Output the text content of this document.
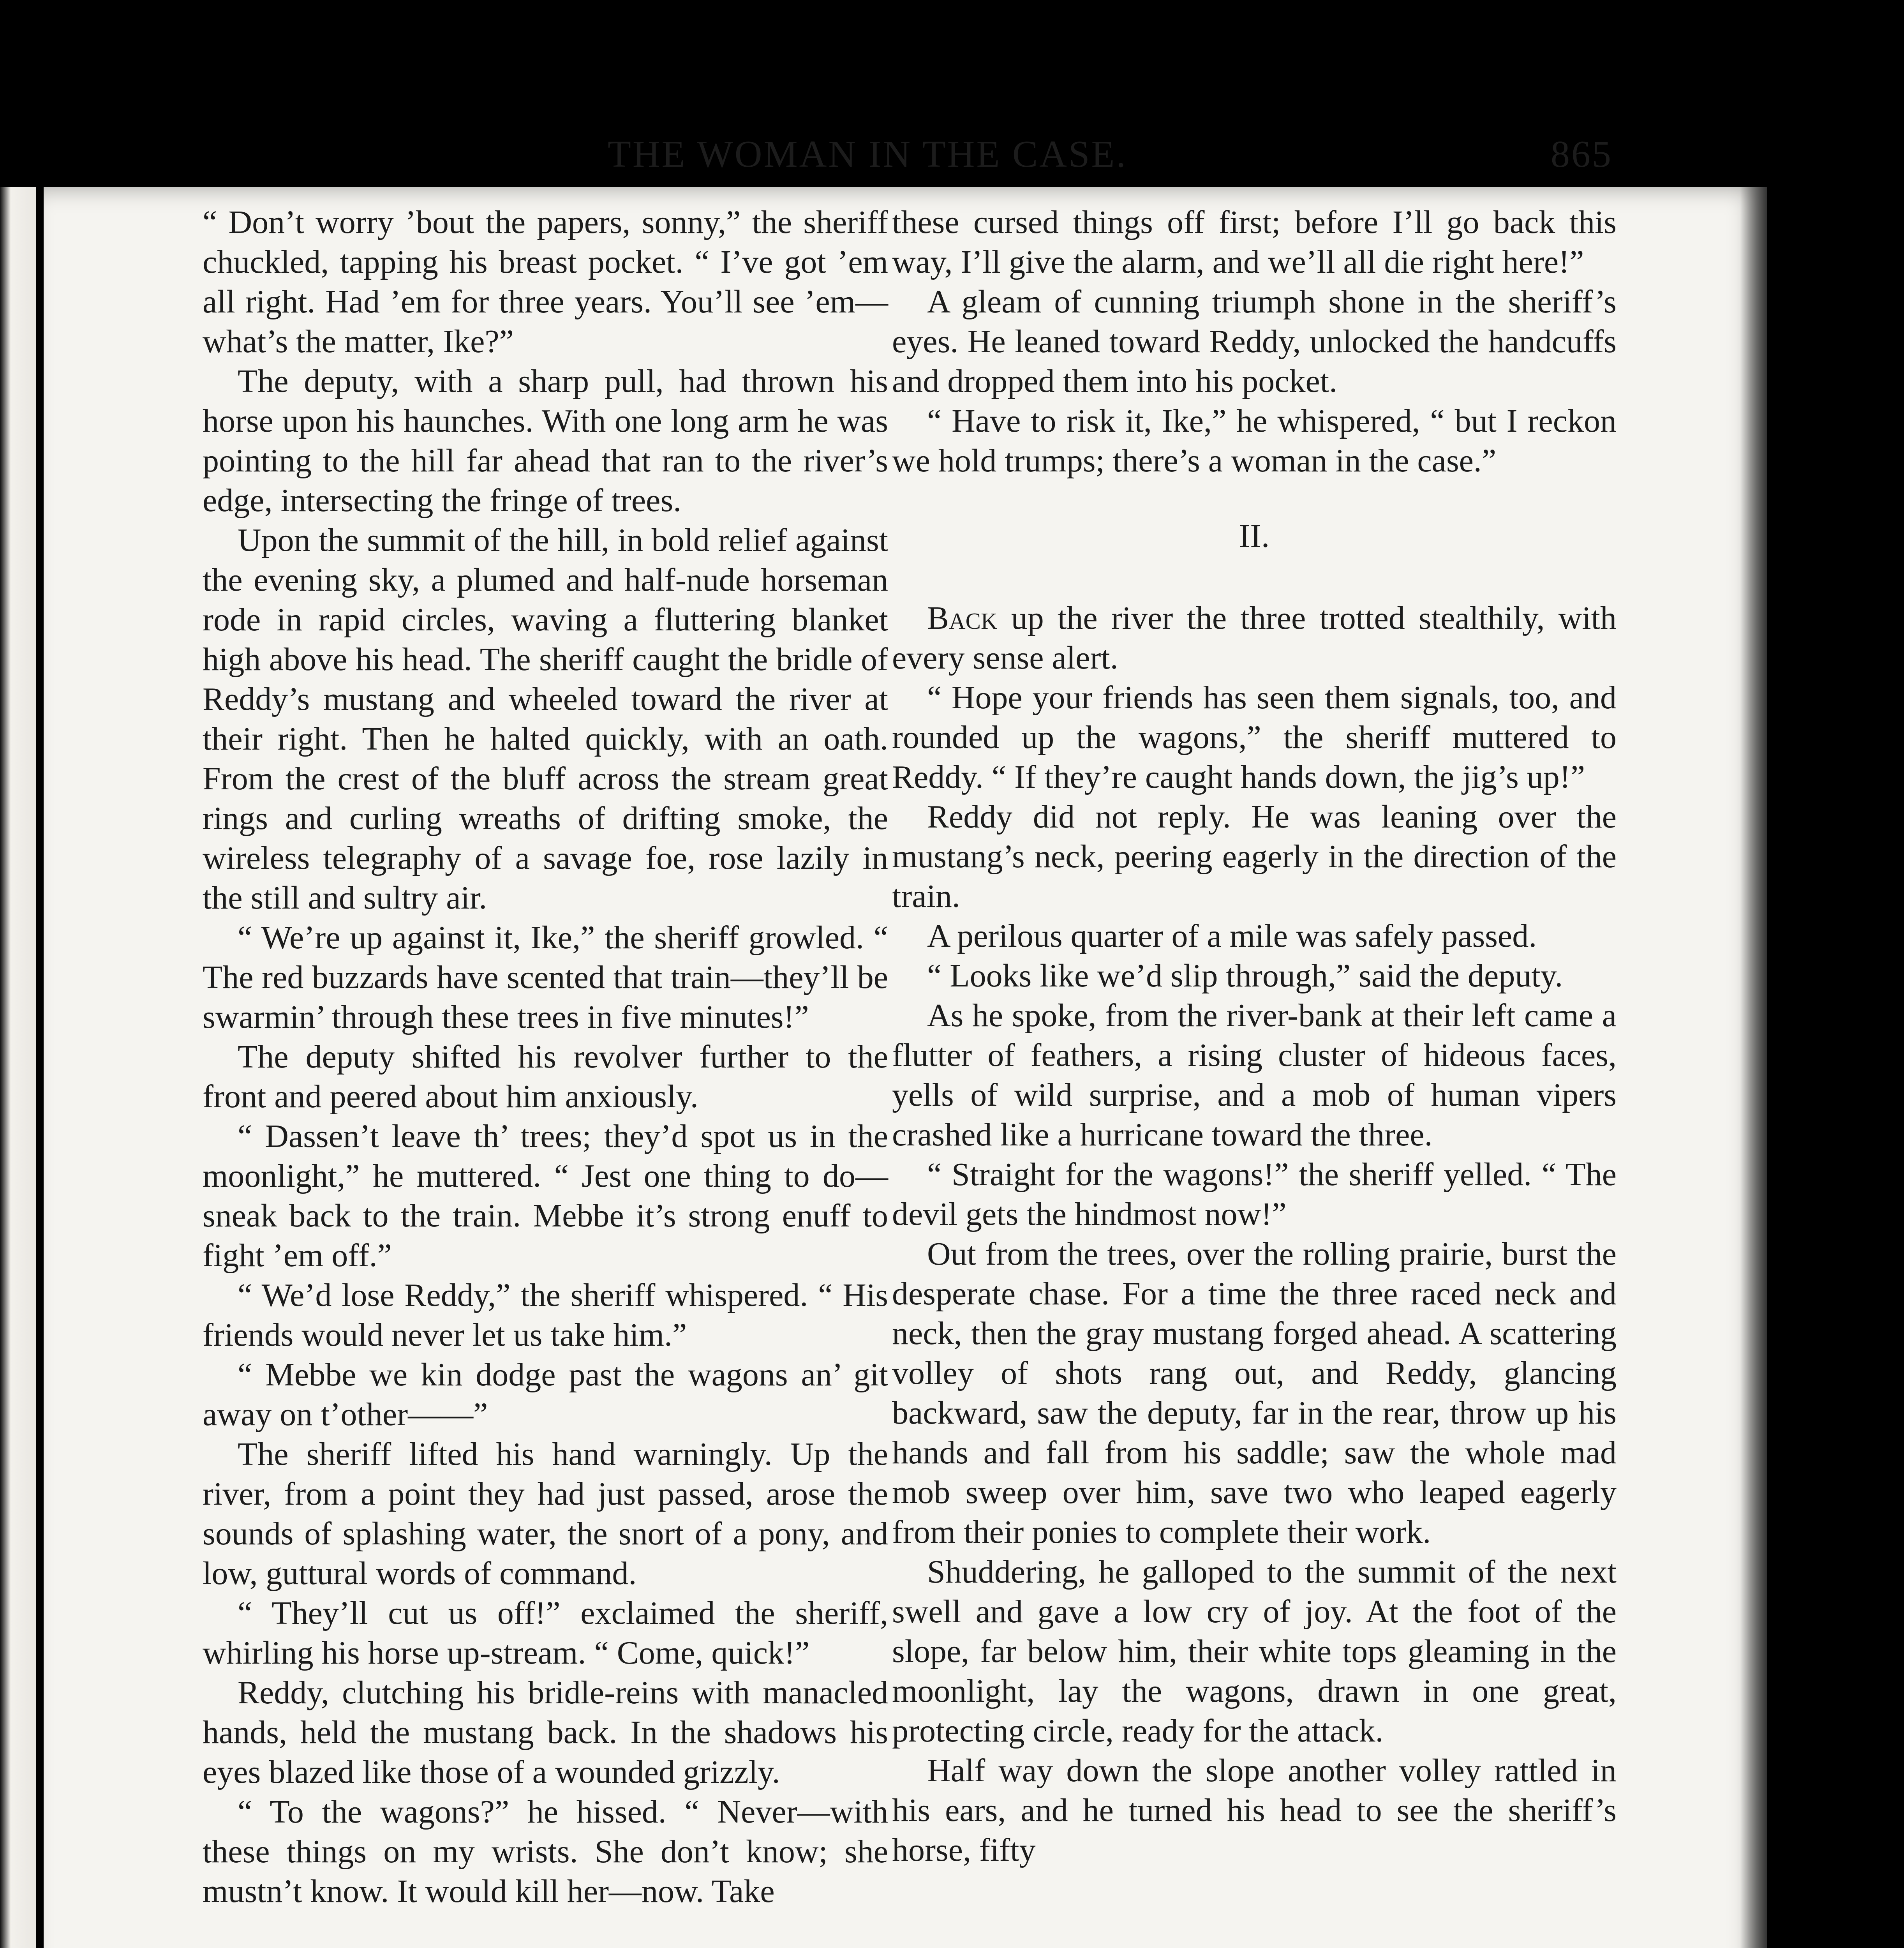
THE WOMAN IN THE CASE.	865

“ Don’t worry ’bout the papers, sonny,” the sheriff chuckled, tapping his breast pocket. “ I’ve got ’em all right. Had ’em for three years. You’ll see ’em—what’s the matter, Ike?”

The deputy, with a sharp pull, had thrown his horse upon his haunches. With one long arm he was pointing to the hill far ahead that ran to the river’s edge, intersecting the fringe of trees.

Upon the summit of the hill, in bold relief against the evening sky, a plumed and half-nude horseman rode in rapid circles, waving a fluttering blanket high above his head. The sheriff caught the bridle of Reddy’s mustang and wheeled toward the river at their right. Then he halted quickly, with an oath. From the crest of the bluff across the stream great rings and curling wreaths of drifting smoke, the wireless telegraphy of a savage foe, rose lazily in the still and sultry air.

“ We’re up against it, Ike,” the sheriff growled. “ The red buzzards have scented that train—they’ll be swarmin’ through these trees in five minutes!”

The deputy shifted his revolver further to the front and peered about him anxiously.

“ Dassen’t leave th’ trees; they’d spot us in the moonlight,” he muttered. “ Jest one thing to do—sneak back to the train. Mebbe it’s strong enuff to fight ’em off.”

“ We’d lose Reddy,” the sheriff whispered. “ His friends would never let us take him.”

“ Mebbe we kin dodge past the wagons an’ git away on t’other——”

The sheriff lifted his hand warningly. Up the river, from a point they had just passed, arose the sounds of splashing water, the snort of a pony, and low, guttural words of command.

“ They’ll cut us off!” exclaimed the sheriff, whirling his horse up-stream. “ Come, quick!”

Reddy, clutching his bridle-reins with manacled hands, held the mustang back. In the shadows his eyes blazed like those of a wounded grizzly.

“ To the wagons?” he hissed. “ Never—with these things on my wrists. She don’t know; she mustn’t know. It would kill her—now. Take

these cursed things off first; before I’ll go back this way, I’ll give the alarm, and we’ll all die right here!”

A gleam of cunning triumph shone in the sheriff’s eyes. He leaned toward Reddy, unlocked the handcuffs and dropped them into his pocket.

“ Have to risk it, Ike,” he whispered, “ but I reckon we hold trumps; there’s a woman in the case.”

II.

Back up the river the three trotted stealthily, with every sense alert.

“ Hope your friends has seen them signals, too, and rounded up the wagons,” the sheriff muttered to Reddy. “ If they’re caught hands down, the jig’s up!”

Reddy did not reply. He was leaning over the mustang’s neck, peering eagerly in the direction of the train.

A perilous quarter of a mile was safely passed.

“ Looks like we’d slip through,” said the deputy.

As he spoke, from the river-bank at their left came a flutter of feathers, a rising cluster of hideous faces, yells of wild surprise, and a mob of human vipers crashed like a hurricane toward the three.

“ Straight for the wagons!” the sheriff yelled. “ The devil gets the hindmost now!”

Out from the trees, over the rolling prairie, burst the desperate chase. For a time the three raced neck and neck, then the gray mustang forged ahead. A scattering volley of shots rang out, and Reddy, glancing backward, saw the deputy, far in the rear, throw up his hands and fall from his saddle; saw the whole mad mob sweep over him, save two who leaped eagerly from their ponies to complete their work.

Shuddering, he galloped to the summit of the next swell and gave a low cry of joy. At the foot of the slope, far below him, their white tops gleaming in the moonlight, lay the wagons, drawn in one great, protecting circle, ready for the attack.

Half way down the slope another volley rattled in his ears, and he turned his head to see the sheriff’s horse, fifty
